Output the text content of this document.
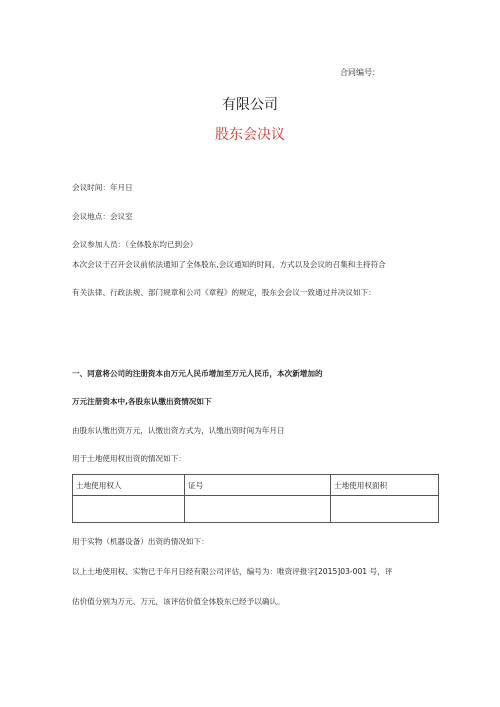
合同编号：
有限公司
股东会决议
会议时间：年月日
会议地点：会议室
会议参加人员：（全体股东均已到会）
本次会议于召开会议前依法通知了全体股东,会议通知的时间、方式以及会议的召集和主持符合
有关法律、行政法规、部门规章和公司《章程》的规定，股东会会议一致通过并决议如下：
一、同意将公司的注册资本由万元人民币增加至万元人民币，本次新增加的
万元注册资本中,各股东认缴出资情况如下
由股东认缴出资万元，认缴出资方式为，认缴出资时间为年月日
用于土地使用权出资的情况如下：
土地使用权人	证号	土地使用权面积

用于实物（机器设备）出资的情况如下：
以上土地使用权、实物已于年月日经有限公司评估，编号为：唯资评报字[2015]03-001 号，评
估价值分别为万元、万元，该评估价值全体股东已经予以确认。
